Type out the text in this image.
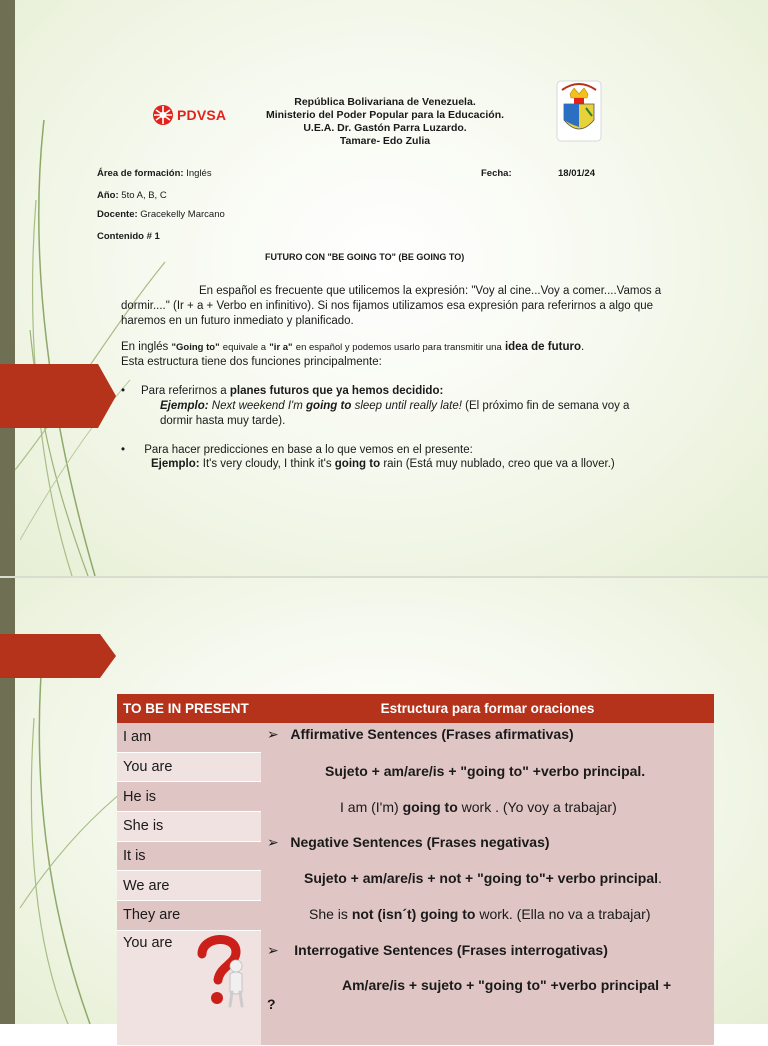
PDVSA
República Bolivariana de Venezuela.
Ministerio del Poder Popular para la Educación.
U.E.A. Dr. Gastón Parra Luzardo.
Tamare- Edo Zulia
Área de formación: Inglés	Fecha:	18/01/24
Año: 5to A, B, C
Docente: Gracekelly Marcano
Contenido # 1
FUTURO CON "BE GOING TO" (BE GOING TO)
En español es frecuente que utilicemos la expresión: "Voy al cine...Voy a comer....Vamos a dormir...." (Ir + a + Verbo en infinitivo). Si nos fijamos utilizamos esa expresión para referirnos a algo que haremos en un futuro inmediato y planificado.
En inglés "Going to" equivale a "ir a" en español y podemos usarlo para transmitir una idea de futuro.
Esta estructura tiene dos funciones principalmente:
•     Para referirnos a planes futuros que ya hemos decidido:
Ejemplo: Next weekend I'm going to sleep until really late! (El próximo fin de semana voy a
dormir hasta muy tarde).
•      Para hacer predicciones en base a lo que vemos en el presente:
Ejemplo: It's very cloudy, I think it's going to rain (Está muy nublado, creo que va a llover.)
TO BE IN PRESENT	Estructura para formar oraciones
I am	
You are	
He is	
She is	
It is	
We are	
They are	
You are	
➢ Affirmative Sentences (Frases afirmativas)
Sujeto + am/are/is + "going to" +verbo principal.
I am (I'm) going to work . (Yo voy a trabajar)
➢ Negative Sentences (Frases negativas)
Sujeto + am/are/is + not + "going to"+ verbo principal.
She is not (isn´t) going to work. (Ella no va a trabajar)
➢ Interrogative Sentences (Frases interrogativas)
Am/are/is + sujeto + "going to" +verbo principal +
?
